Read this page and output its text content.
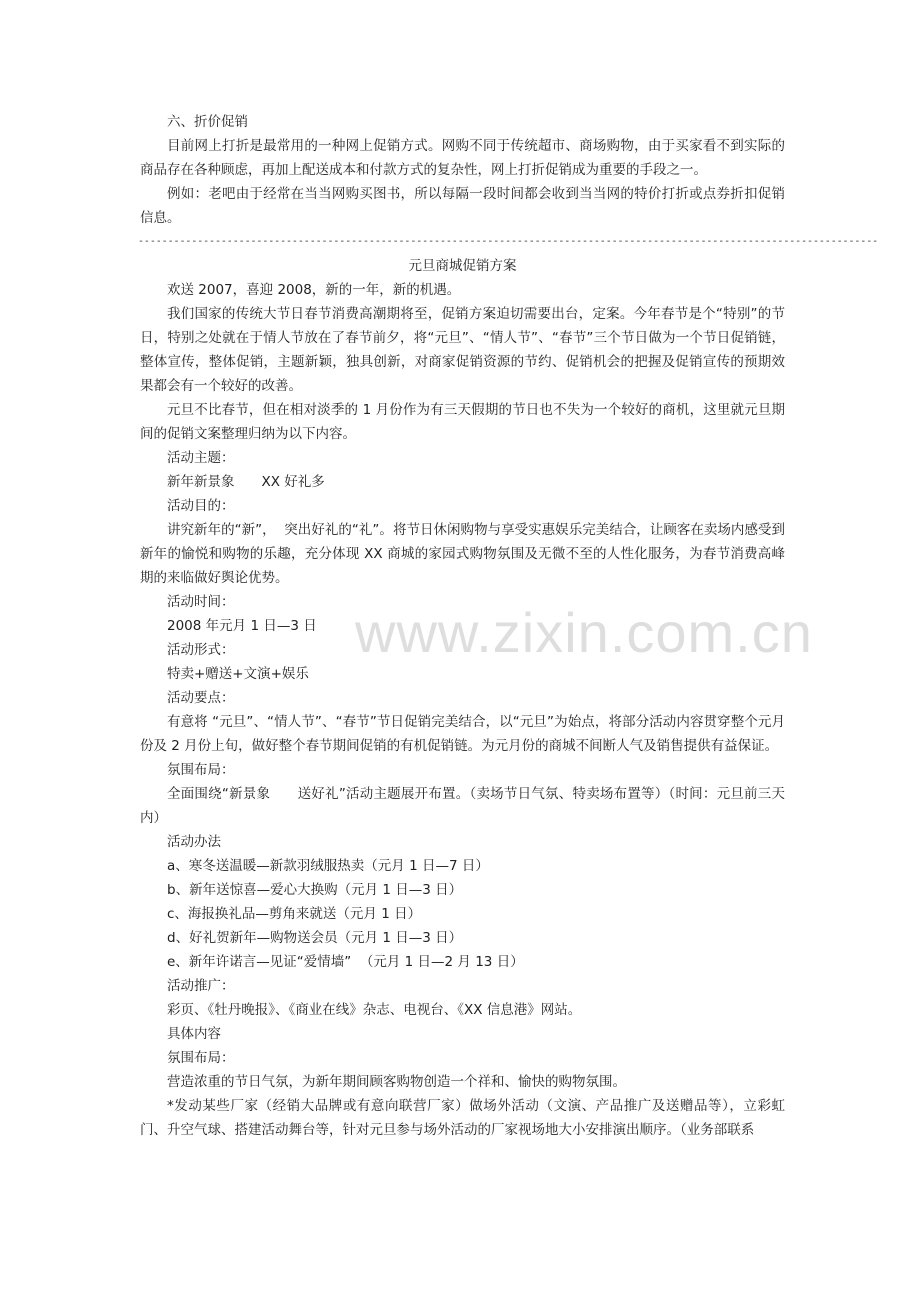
六、折价促销

目前网上打折是最常用的一种网上促销方式。网购不同于传统超市、商场购物，由于买家看不到实际的商品存在各种顾虑，再加上配送成本和付款方式的复杂性，网上打折促销成为重要的手段之一。

例如：老吧由于经常在当当网购买图书，所以每隔一段时间都会收到当当网的特价打折或点券折扣促销信息。

-----------------------------------------------------------------------------------------------------------------------------

元旦商城促销方案

欢送 2007，喜迎 2008，新的一年，新的机遇。

我们国家的传统大节日春节消费高潮期将至，促销方案迫切需要出台，定案。今年春节是个“特别”的节日，特别之处就在于情人节放在了春节前夕，将“元旦”、“情人节”、“春节”三个节日做为一个节日促销链，整体宣传，整体促销，主题新颖，独具创新，对商家促销资源的节约、促销机会的把握及促销宣传的预期效果都会有一个较好的改善。

元旦不比春节，但在相对淡季的 1 月份作为有三天假期的节日也不失为一个较好的商机，这里就元旦期间的促销文案整理归纳为以下内容。

活动主题：

新年新景象　　XX 好礼多

活动目的：

讲究新年的“新”，  突出好礼的“礼”。将节日休闲购物与享受实惠娱乐完美结合，让顾客在卖场内感受到新年的愉悦和购物的乐趣，充分体现 XX 商城的家园式购物氛围及无微不至的人性化服务，为春节消费高峰期的来临做好舆论优势。

活动时间：

2008 年元月 1 日—3 日

活动形式：

特卖+赠送+文演+娱乐

活动要点：

有意将 “元旦”、“情人节”、“春节”节日促销完美结合，以“元旦”为始点，将部分活动内容贯穿整个元月份及 2 月份上旬，做好整个春节期间促销的有机促销链。为元月份的商城不间断人气及销售提供有益保证。

氛围布局：

全面围绕“新景象　　送好礼”活动主题展开布置。（卖场节日气氛、特卖场布置等）（时间：元旦前三天内）

活动办法

a、寒冬送温暖—新款羽绒服热卖（元月 1 日—7 日）

b、新年送惊喜—爱心大换购（元月 1 日—3 日）

c、海报换礼品—剪角来就送（元月 1 日）

d、好礼贺新年—购物送会员（元月 1 日—3 日）

e、新年许诺言—见证“爱情墙”  （元月 1 日—2 月 13 日）

活动推广：

彩页、《牡丹晚报》、《商业在线》杂志、电视台、《XX 信息港》网站。

具体内容

氛围布局：

营造浓重的节日气氛，为新年期间顾客购物创造一个祥和、愉快的购物氛围。

*发动某些厂家（经销大品牌或有意向联营厂家）做场外活动（文演、产品推广及送赠品等），立彩虹门、升空气球、搭建活动舞台等，针对元旦参与场外活动的厂家视场地大小安排演出顺序。（业务部联系

www.zixin.com.cn
